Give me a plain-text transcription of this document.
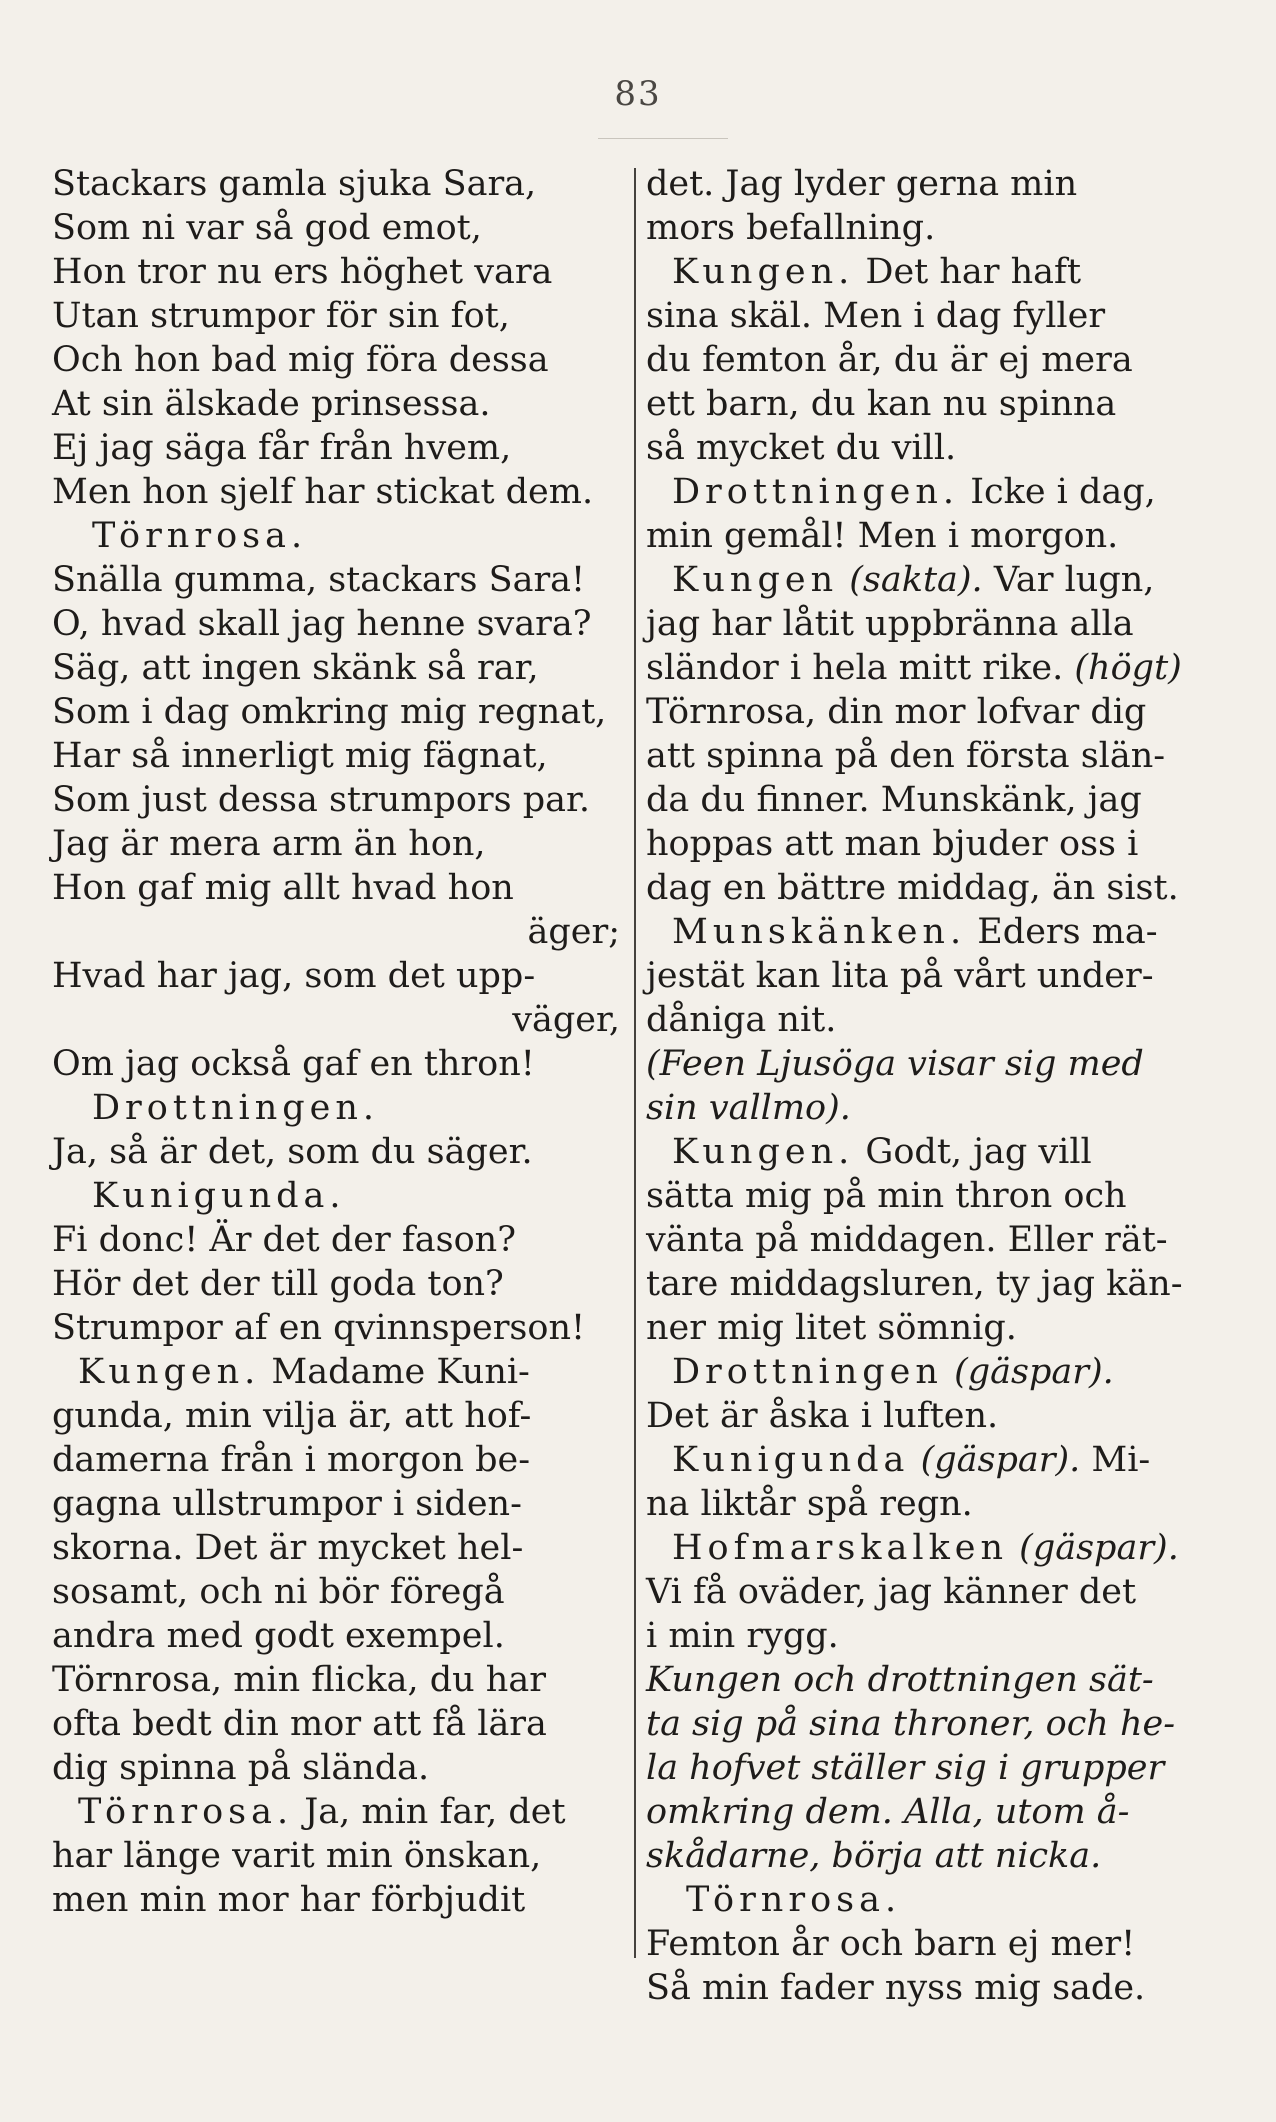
83
Stackars gamla sjuka Sara,
Som ni var så god emot,
Hon tror nu ers höghet vara
Utan strumpor för sin fot,
Och hon bad mig föra dessa
At sin älskade prinsessa.
Ej jag säga får från hvem,
Men hon sjelf har stickat dem.
Törnrosa.
Snälla gumma, stackars Sara!
O, hvad skall jag henne svara?
Säg, att ingen skänk så rar,
Som i dag omkring mig regnat,
Har så innerligt mig fägnat,
Som just dessa strumpors par.
Jag är mera arm än hon,
Hon gaf mig allt hvad hon
äger;
Hvad har jag, som det upp-
väger,
Om jag också gaf en thron!
Drottningen.
Ja, så är det, som du säger.
Kunigunda.
Fi donc! Är det der fason?
Hör det der till goda ton?
Strumpor af en qvinnsperson!
Kungen. Madame Kuni-
gunda, min vilja är, att hof-
damerna från i morgon be-
gagna ullstrumpor i siden-
skorna. Det är mycket hel-
sosamt, och ni bör föregå
andra med godt exempel.
Törnrosa, min flicka, du har
ofta bedt din mor att få lära
dig spinna på slända.
Törnrosa. Ja, min far, det
har länge varit min önskan,
men min mor har förbjudit
det. Jag lyder gerna min
mors befallning.
Kungen. Det har haft
sina skäl. Men i dag fyller
du femton år, du är ej mera
ett barn, du kan nu spinna
så mycket du vill.
Drottningen. Icke i dag,
min gemål! Men i morgon.
Kungen (sakta). Var lugn,
jag har låtit uppbränna alla
sländor i hela mitt rike. (högt)
Törnrosa, din mor lofvar dig
att spinna på den första slän-
da du finner. Munskänk, jag
hoppas att man bjuder oss i
dag en bättre middag, än sist.
Munskänken. Eders ma-
jestät kan lita på vårt under-
dåniga nit.
(Feen Ljusöga visar sig med
sin vallmo).
Kungen. Godt, jag vill
sätta mig på min thron och
vänta på middagen. Eller rät-
tare middagsluren, ty jag kän-
ner mig litet sömnig.
Drottningen (gäspar).
Det är åska i luften.
Kunigunda (gäspar). Mi-
na liktår spå regn.
Hofmarskalken (gäspar).
Vi få oväder, jag känner det
i min rygg.
Kungen och drottningen sät-
ta sig på sina throner, och he-
la hofvet ställer sig i grupper
omkring dem. Alla, utom å-
skådarne, börja att nicka.
Törnrosa.
Femton år och barn ej mer!
Så min fader nyss mig sade.
